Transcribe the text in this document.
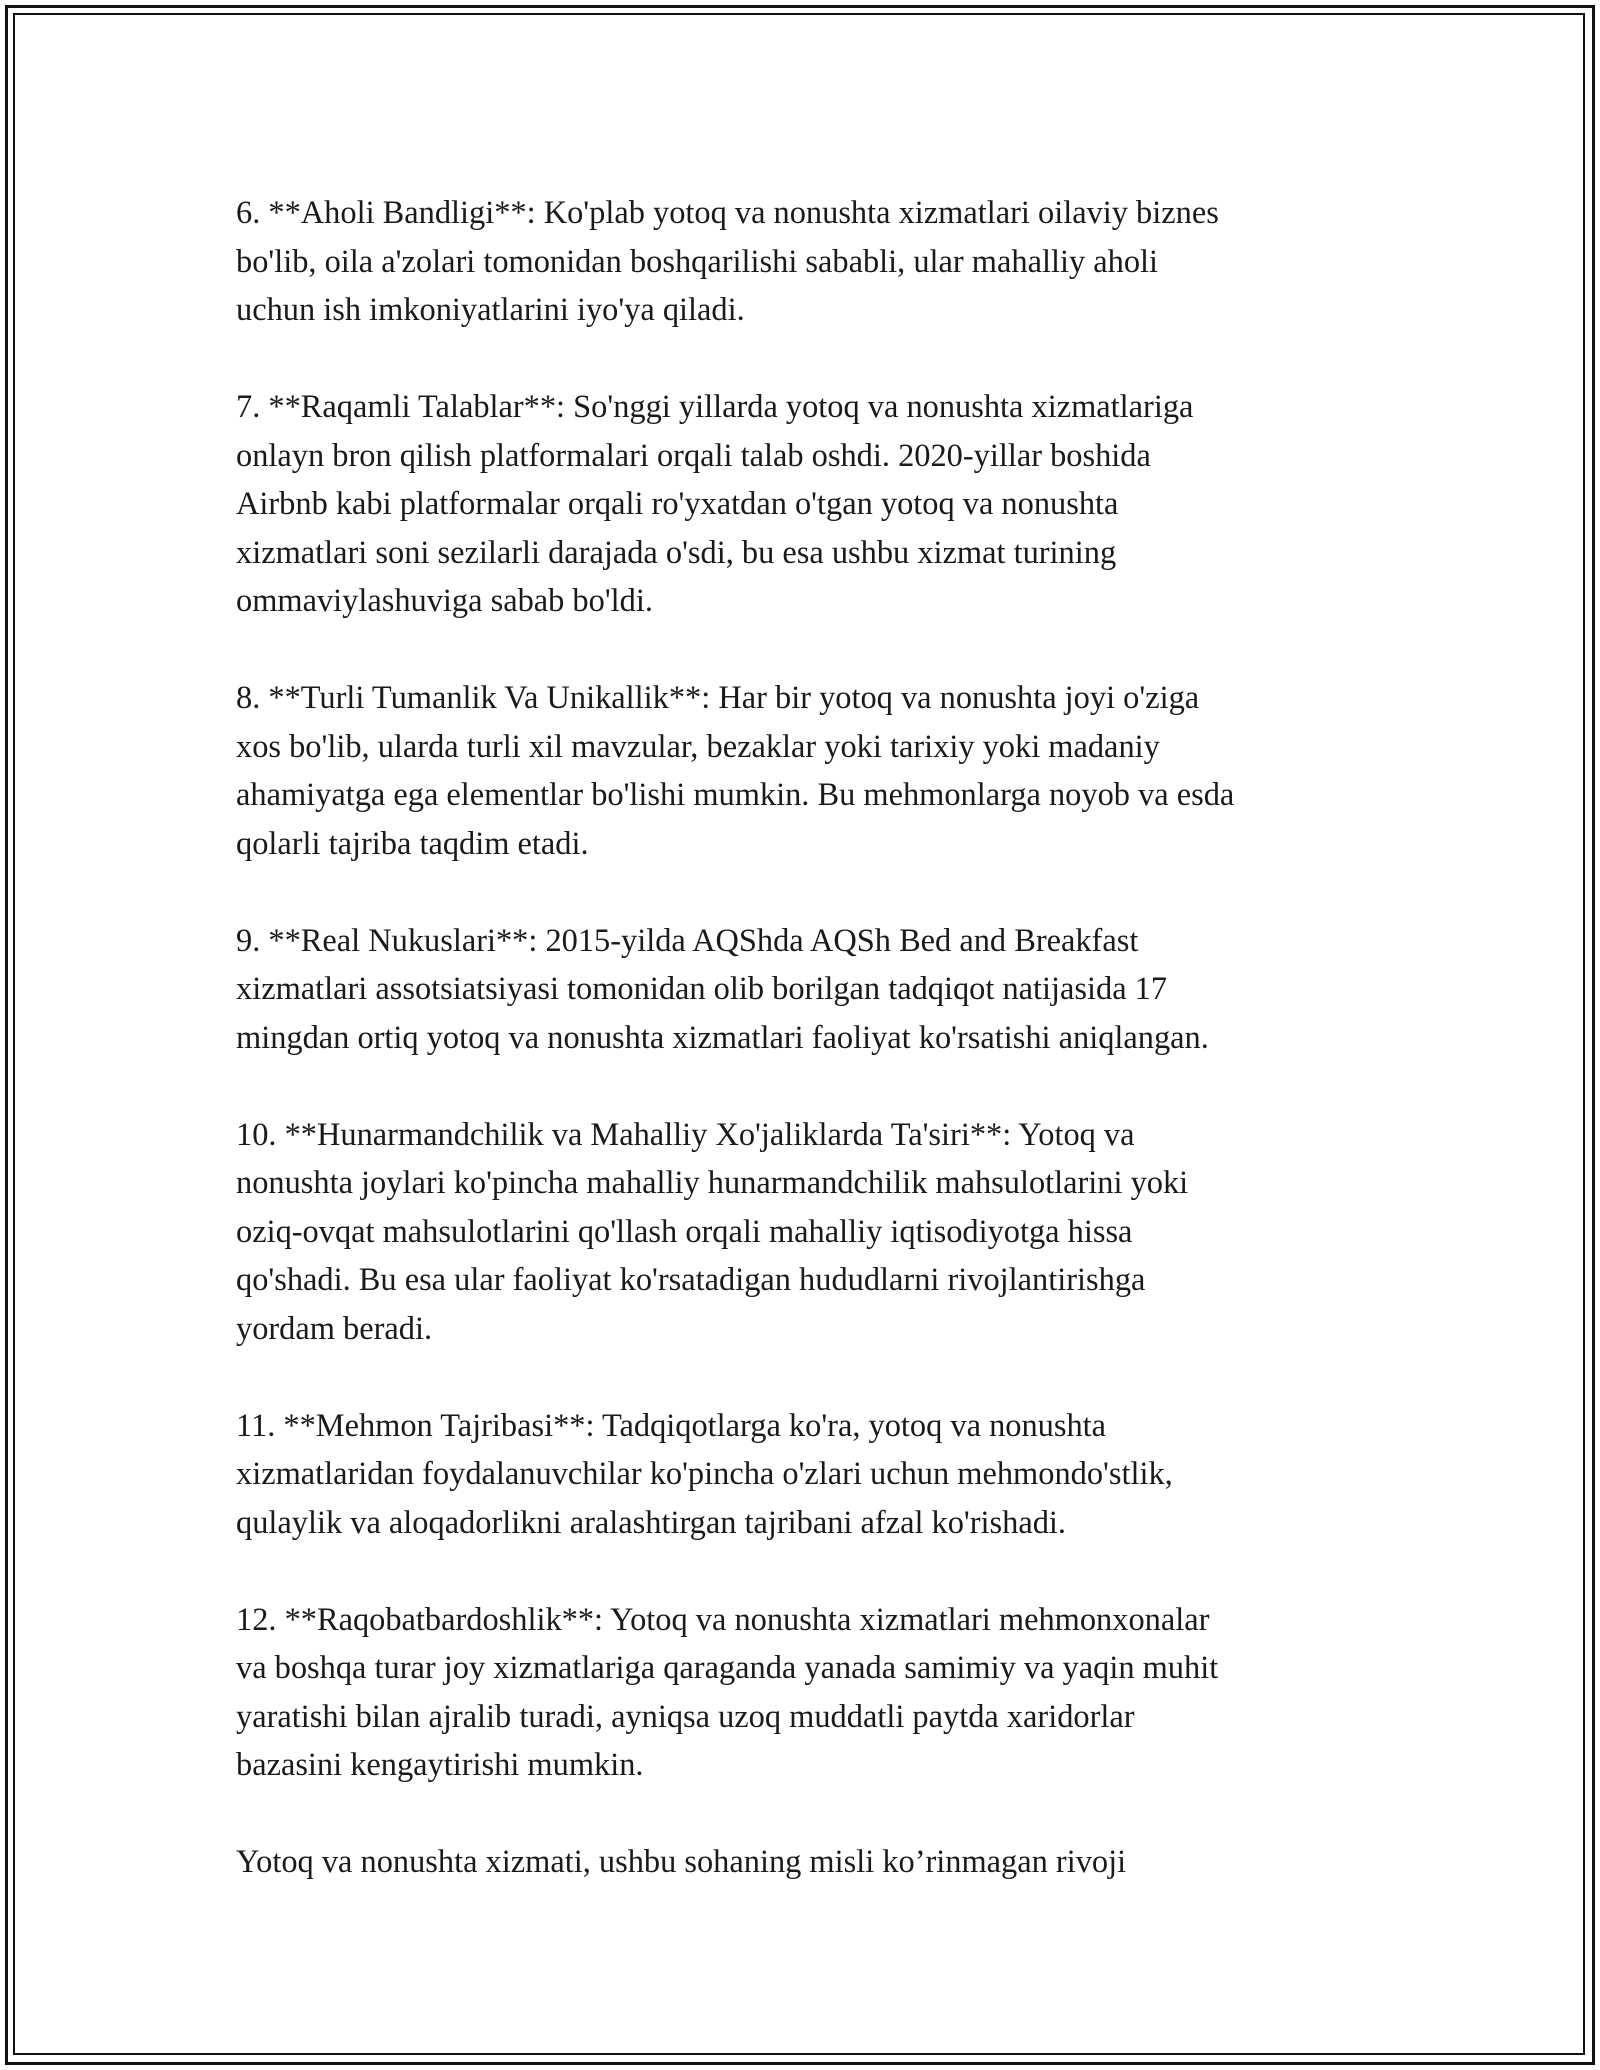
6. **Aholi Bandligi**: Ko'plab yotoq va nonushta xizmatlari oilaviy biznes
bo'lib, oila a'zolari tomonidan boshqarilishi sababli, ular mahalliy aholi
uchun ish imkoniyatlarini iyo'ya qiladi.

7. **Raqamli Talablar**: So'nggi yillarda yotoq va nonushta xizmatlariga
onlayn bron qilish platformalari orqali talab oshdi. 2020-yillar boshida
Airbnb kabi platformalar orqali ro'yxatdan o'tgan yotoq va nonushta
xizmatlari soni sezilarli darajada o'sdi, bu esa ushbu xizmat turining
ommaviylashuviga sabab bo'ldi.

8. **Turli Tumanlik Va Unikallik**: Har bir yotoq va nonushta joyi o'ziga
xos bo'lib, ularda turli xil mavzular, bezaklar yoki tarixiy yoki madaniy
ahamiyatga ega elementlar bo'lishi mumkin. Bu mehmonlarga noyob va esda
qolarli tajriba taqdim etadi.

9. **Real Nukuslari**: 2015-yilda AQShda AQSh Bed and Breakfast
xizmatlari assotsiatsiyasi tomonidan olib borilgan tadqiqot natijasida 17
mingdan ortiq yotoq va nonushta xizmatlari faoliyat ko'rsatishi aniqlangan.

10. **Hunarmandchilik va Mahalliy Xo'jaliklarda Ta'siri**: Yotoq va
nonushta joylari ko'pincha mahalliy hunarmandchilik mahsulotlarini yoki
oziq-ovqat mahsulotlarini qo'llash orqali mahalliy iqtisodiyotga hissa
qo'shadi. Bu esa ular faoliyat ko'rsatadigan hududlarni rivojlantirishga
yordam beradi.

11. **Mehmon Tajribasi**: Tadqiqotlarga ko'ra, yotoq va nonushta
xizmatlaridan foydalanuvchilar ko'pincha o'zlari uchun mehmondo'stlik,
qulaylik va aloqadorlikni aralashtirgan tajribani afzal ko'rishadi.

12. **Raqobatbardoshlik**: Yotoq va nonushta xizmatlari mehmonxonalar
va boshqa turar joy xizmatlariga qaraganda yanada samimiy va yaqin muhit
yaratishi bilan ajralib turadi, ayniqsa uzoq muddatli paytda xaridorlar
bazasini kengaytirishi mumkin.

Yotoq va nonushta xizmati, ushbu sohaning misli ko’rinmagan rivoji
